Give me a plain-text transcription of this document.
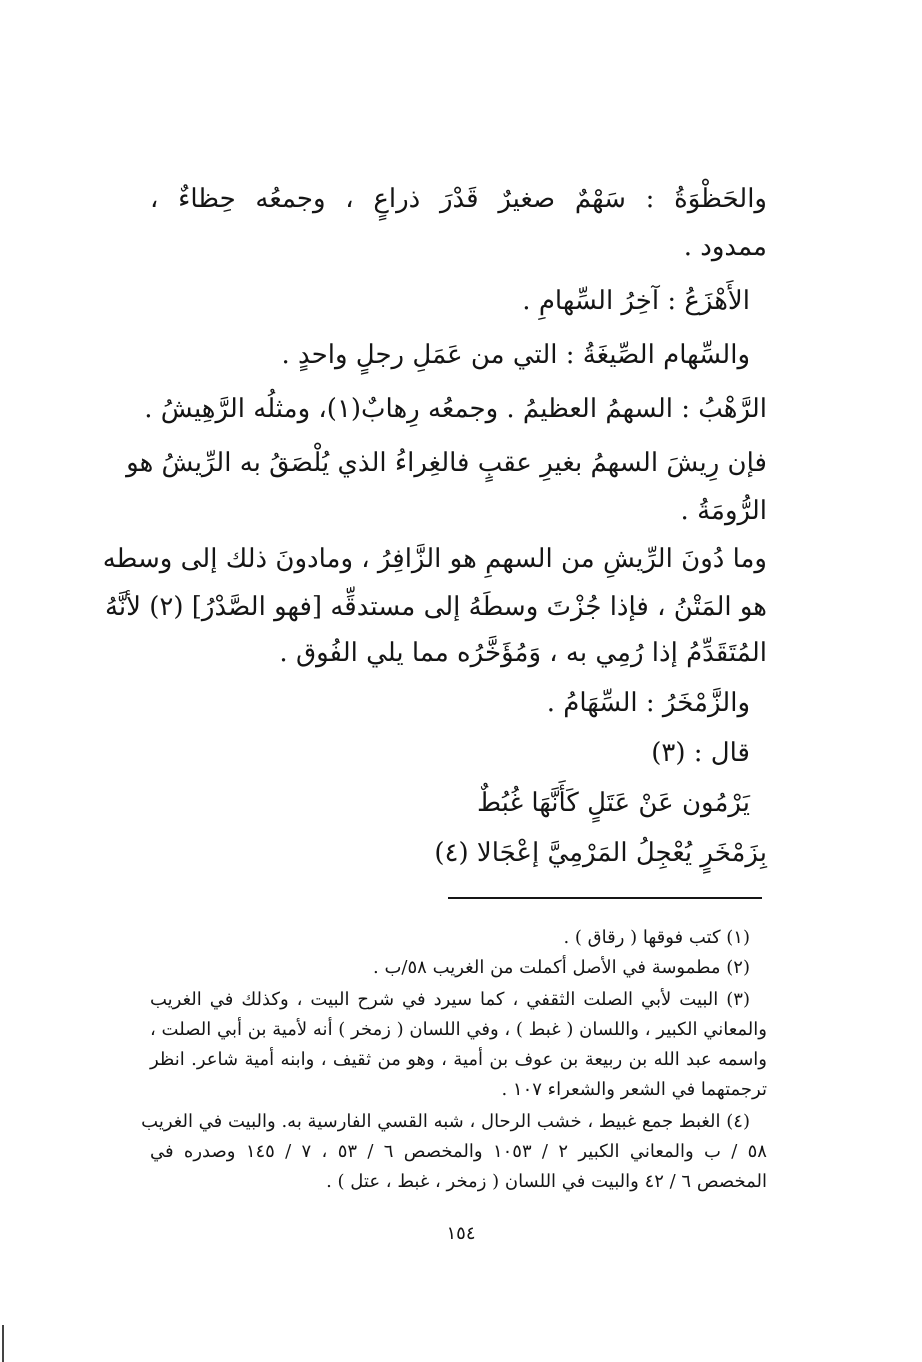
والحَظْوَةُ : سَهْمٌ صغيرٌ قَدْرَ ذراعٍ ، وجمعُه حِظاءٌ ،
ممدود .
الأَهْزَعُ : آخِرُ السِّهامِ .
والسِّهام الصِّيغَةُ : التي من عَمَلِ رجلٍ واحدٍ .
الرَّهْبُ : السهمُ العظيمُ . وجمعُه رِهابٌ(١)، ومثلُه الرَّهِيشُ .
فإن رِيشَ السهمُ بغيرِ عقبٍ فالغِراءُ الذي يُلْصَقُ به الرِّيشُ هو
الرُّومَةُ .
وما دُونَ الرِّيشِ من السهمِ هو الزَّافِرُ ، ومادونَ ذلك إلى وسطه
هو المَتْنُ ، فإذا جُزْتَ وسطَهُ إلى مستدقِّه [فهو الصَّدْرُ] (٢) لأنَّهُ
المُتَقَدِّمُ إذا رُمِي به ، وَمُؤَخَّرُه مما يلي الفُوق .
والزَّمْخَرُ : السِّهَامُ .
قال : (٣)
يَرْمُون عَنْ عَتَلٍ كَأَنَّهَا غُبُطٌ
بِزَمْخَرٍ يُعْجِلُ المَرْمِيَّ إعْجَالا (٤)
(١) كتب فوقها ( رقاق ) .
(٢) مطموسة في الأصل أكملت من الغريب ٥٨/ب .
(٣) البيت لأبي الصلت الثقفي ، كما سيرد في شرح البيت ، وكذلك في الغريب
والمعاني الكبير ، واللسان ( غبط ) ، وفي اللسان ( زمخر ) أنه لأمية بن أبي الصلت ،
واسمه عبد الله بن ربيعة بن عوف بن أمية ، وهو من ثقيف ، وابنه أمية شاعر. انظر
ترجمتهما في الشعر والشعراء ١٠٧ .
(٤) الغبط جمع غبيط ، خشب الرحال ، شبه القسي الفارسية به. والبيت في الغريب
٥٨ / ب والمعاني الكبير ٢ / ١٠٥٣ والمخصص ٦ / ٥٣ ، ٧ / ١٤٥ وصدره في
المخصص ٦ / ٤٢ والبيت في اللسان ( زمخر ، غبط ، عتل ) .
١٥٤
